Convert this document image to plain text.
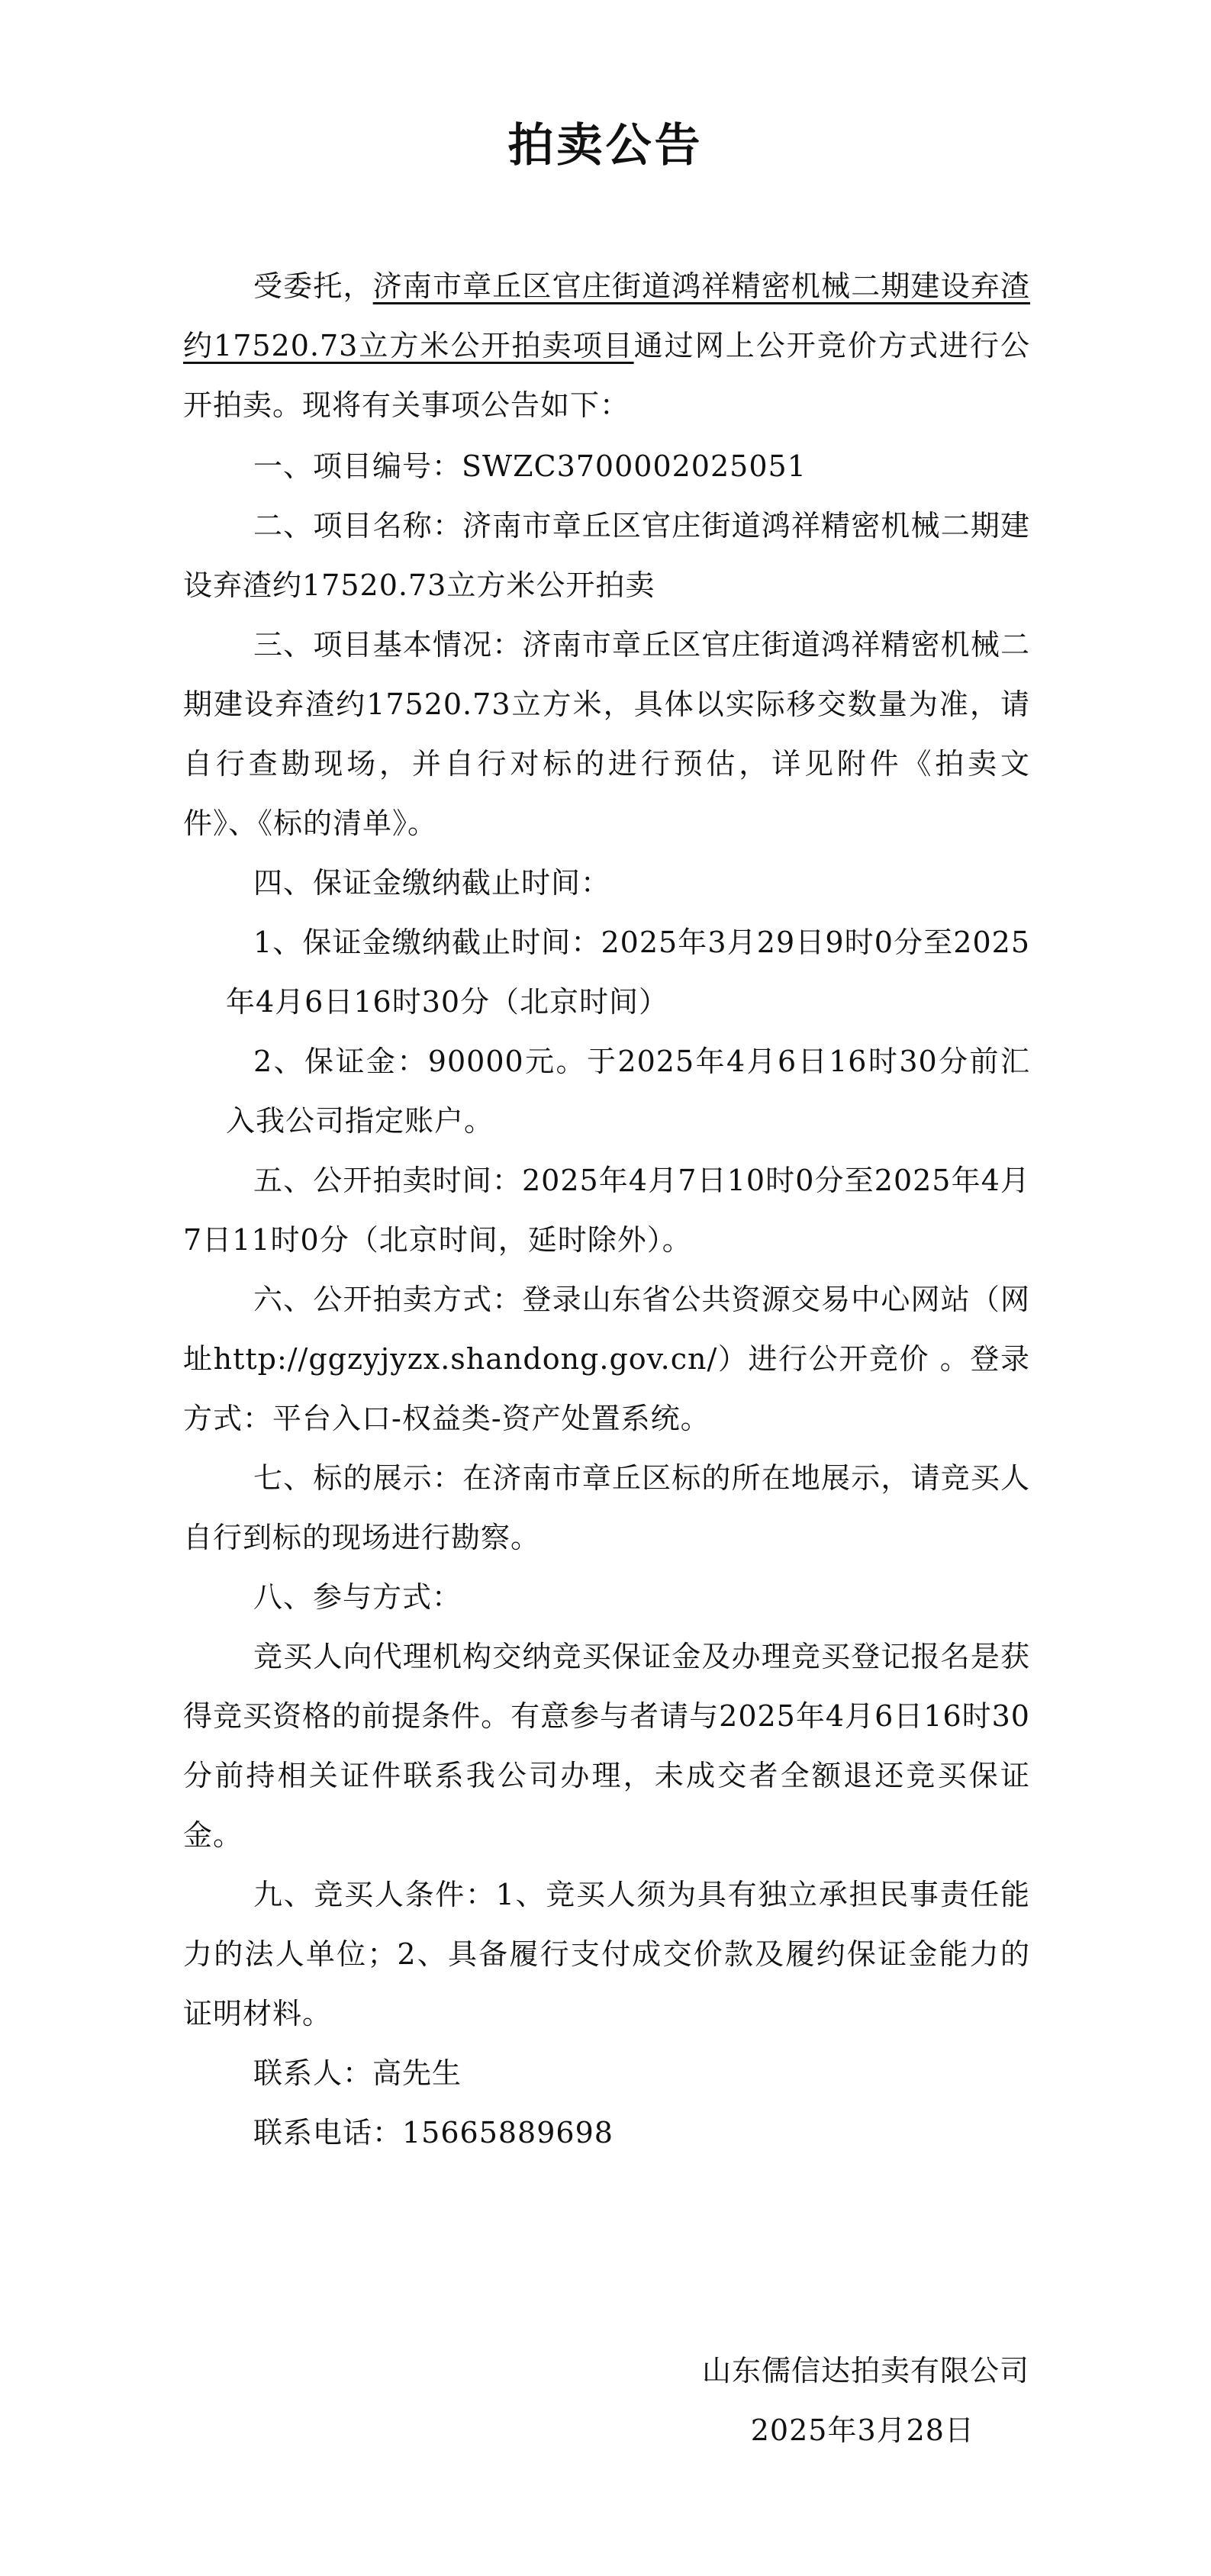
拍卖公告

受委托，济南市章丘区官庄街道鸿祥精密机械二期建设弃渣约17520.73立方米公开拍卖项目通过网上公开竞价方式进行公开拍卖。现将有关事项公告如下：

一、项目编号：SWZC3700002025051

二、项目名称：济南市章丘区官庄街道鸿祥精密机械二期建设弃渣约17520.73立方米公开拍卖

三、项目基本情况：济南市章丘区官庄街道鸿祥精密机械二期建设弃渣约17520.73立方米，具体以实际移交数量为准，请自行查勘现场，并自行对标的进行预估，详见附件《拍卖文件》、《标的清单》。

四、保证金缴纳截止时间：

1、保证金缴纳截止时间：2025年3月29日9时0分至2025年4月6日16时30分（北京时间）

2、保证金：90000元。于2025年4月6日16时30分前汇入我公司指定账户。

五、公开拍卖时间：2025年4月7日10时0分至2025年4月7日11时0分（北京时间，延时除外）。

六、公开拍卖方式：登录山东省公共资源交易中心网站（网址http://ggzyjyzx.shandong.gov.cn/）进行公开竞价 。登录方式：平台入口-权益类-资产处置系统。

七、标的展示：在济南市章丘区标的所在地展示，请竞买人自行到标的现场进行勘察。

八、参与方式：

竞买人向代理机构交纳竞买保证金及办理竞买登记报名是获得竞买资格的前提条件。有意参与者请与2025年4月6日16时30分前持相关证件联系我公司办理，未成交者全额退还竞买保证金。

九、竞买人条件：1、竞买人须为具有独立承担民事责任能力的法人单位；2、具备履行支付成交价款及履约保证金能力的证明材料。

联系人：高先生

联系电话：15665889698

山东儒信达拍卖有限公司
2025年3月28日
